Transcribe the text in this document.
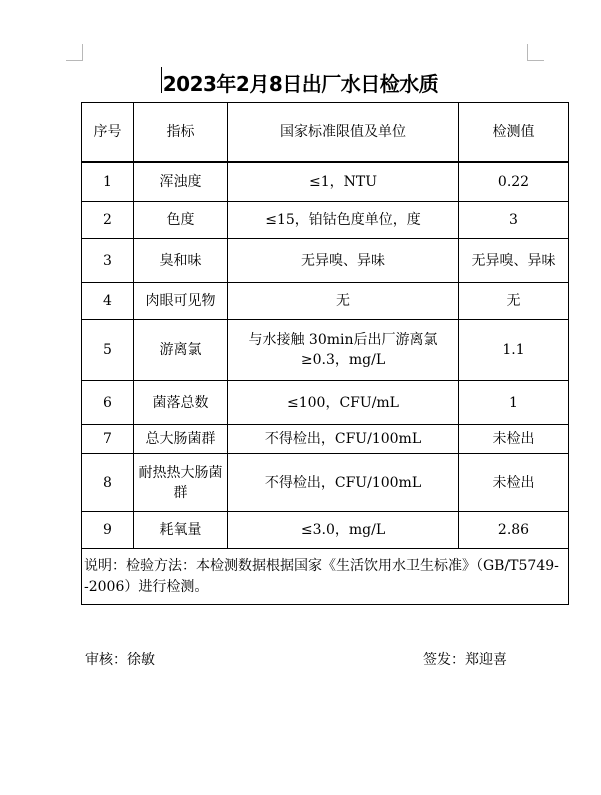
2023年2月8日出厂水日检水质
序号	指标	国家标准限值及单位	检测值

1	浑浊度	≤1，NTU	0.22
2	色度	≤15，铂钴色度单位，度	3
3	臭和味	无异嗅、异味	无异嗅、异味
4	肉眼可见物	无	无
5	游离氯	与水接触 30min后出厂游离氯≥0.3，mg/L	1.1
6	菌落总数	≤100，CFU/mL	1
7	总大肠菌群	不得检出，CFU/100mL	未检出
8	耐热热大肠菌群	不得检出，CFU/100mL	未检出
9	耗氧量	≤3.0，mg/L	2.86
说明：检验方法：本检测数据根据国家《生活饮用水卫生标准》（GB/T5749--2006）进行检测。			
审核：徐敏	签发：郑迎喜
